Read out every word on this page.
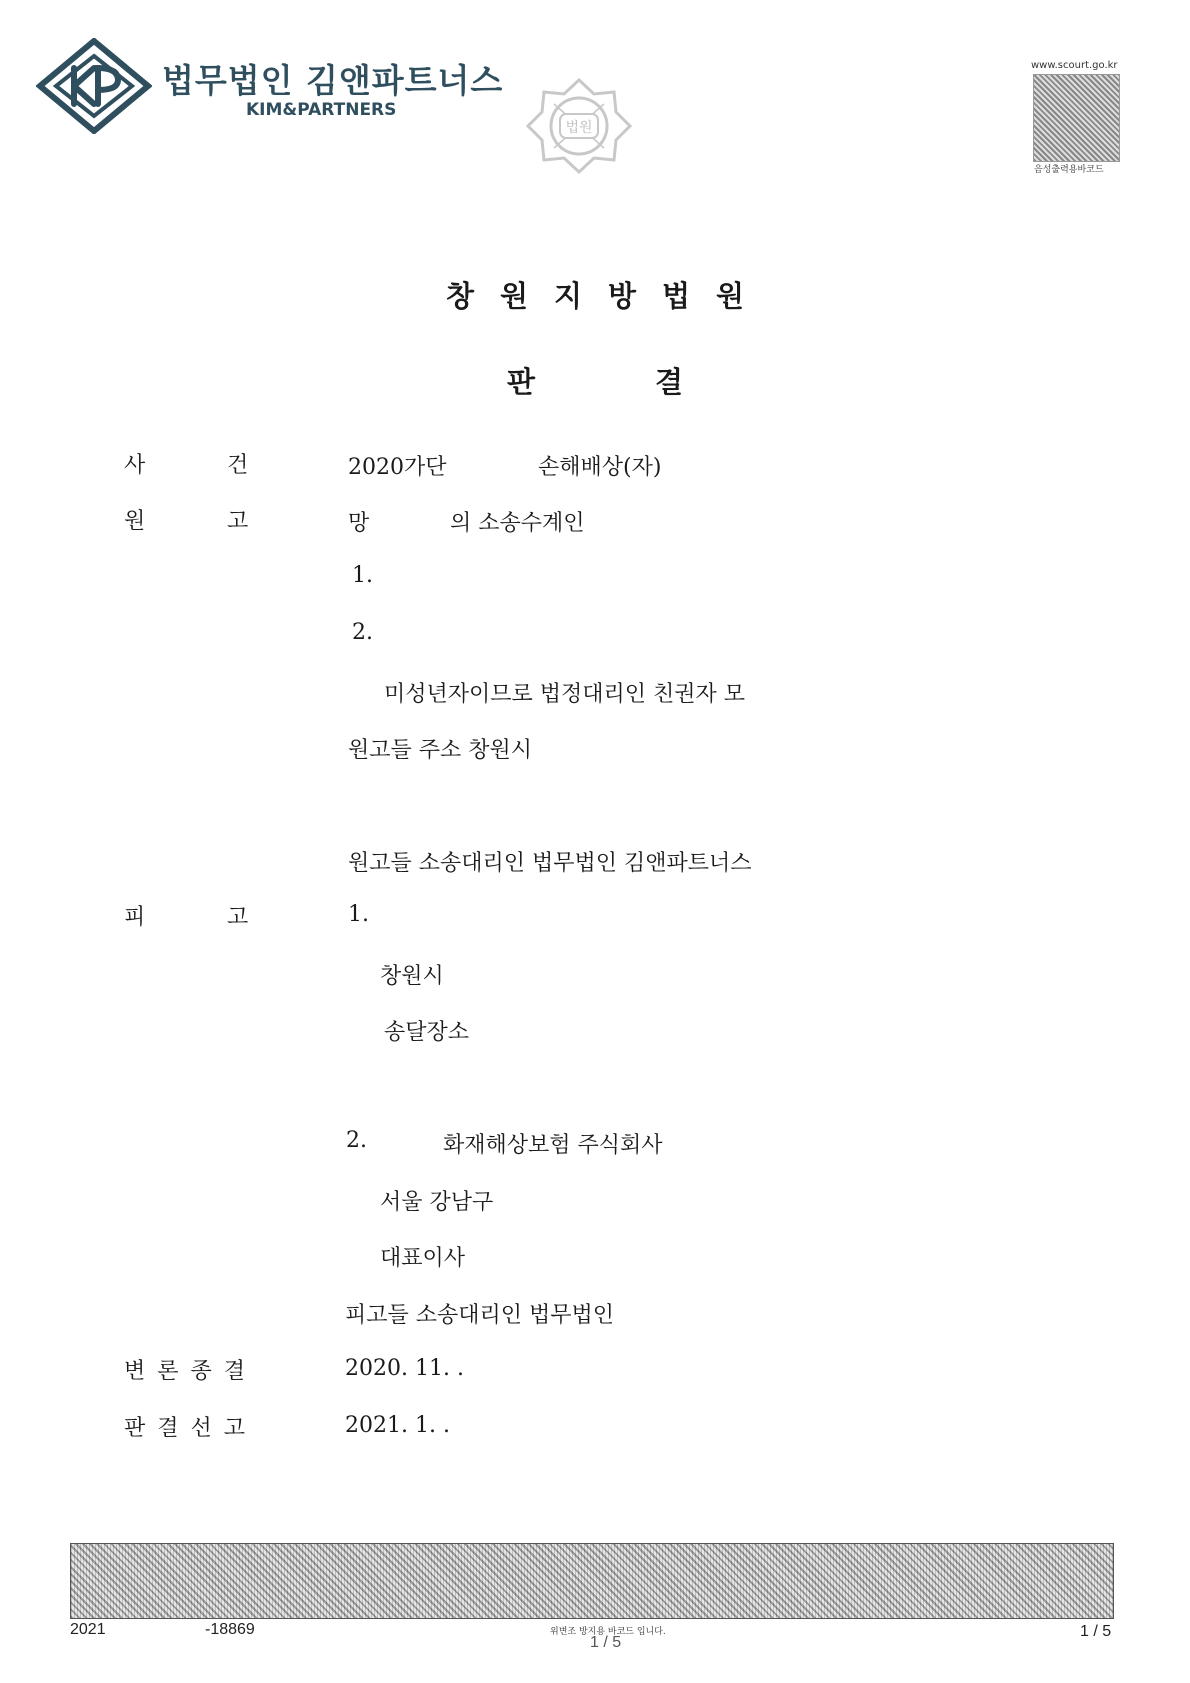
법무법인 김앤파트너스
KIM&PARTNERS
법원
www.scourt.go.kr
음성출력용바코드
창원지방법원
판	결
사	건	2020가단	손해배상(자)
원	고	망	의 소송수계인
1.
2.
미성년자이므로 법정대리인 친권자 모
원고들 주소 창원시
원고들 소송대리인 법무법인 김앤파트너스
피	고	1.
창원시
송달장소
2.	화재해상보험 주식회사
서울 강남구
대표이사
피고들 소송대리인 법무법인
변론종결	2020. 11. .
판결선고	2021. 1. .
2021	-18869	위변조 방지용 바코드 입니다.
1 / 5
1 / 5
